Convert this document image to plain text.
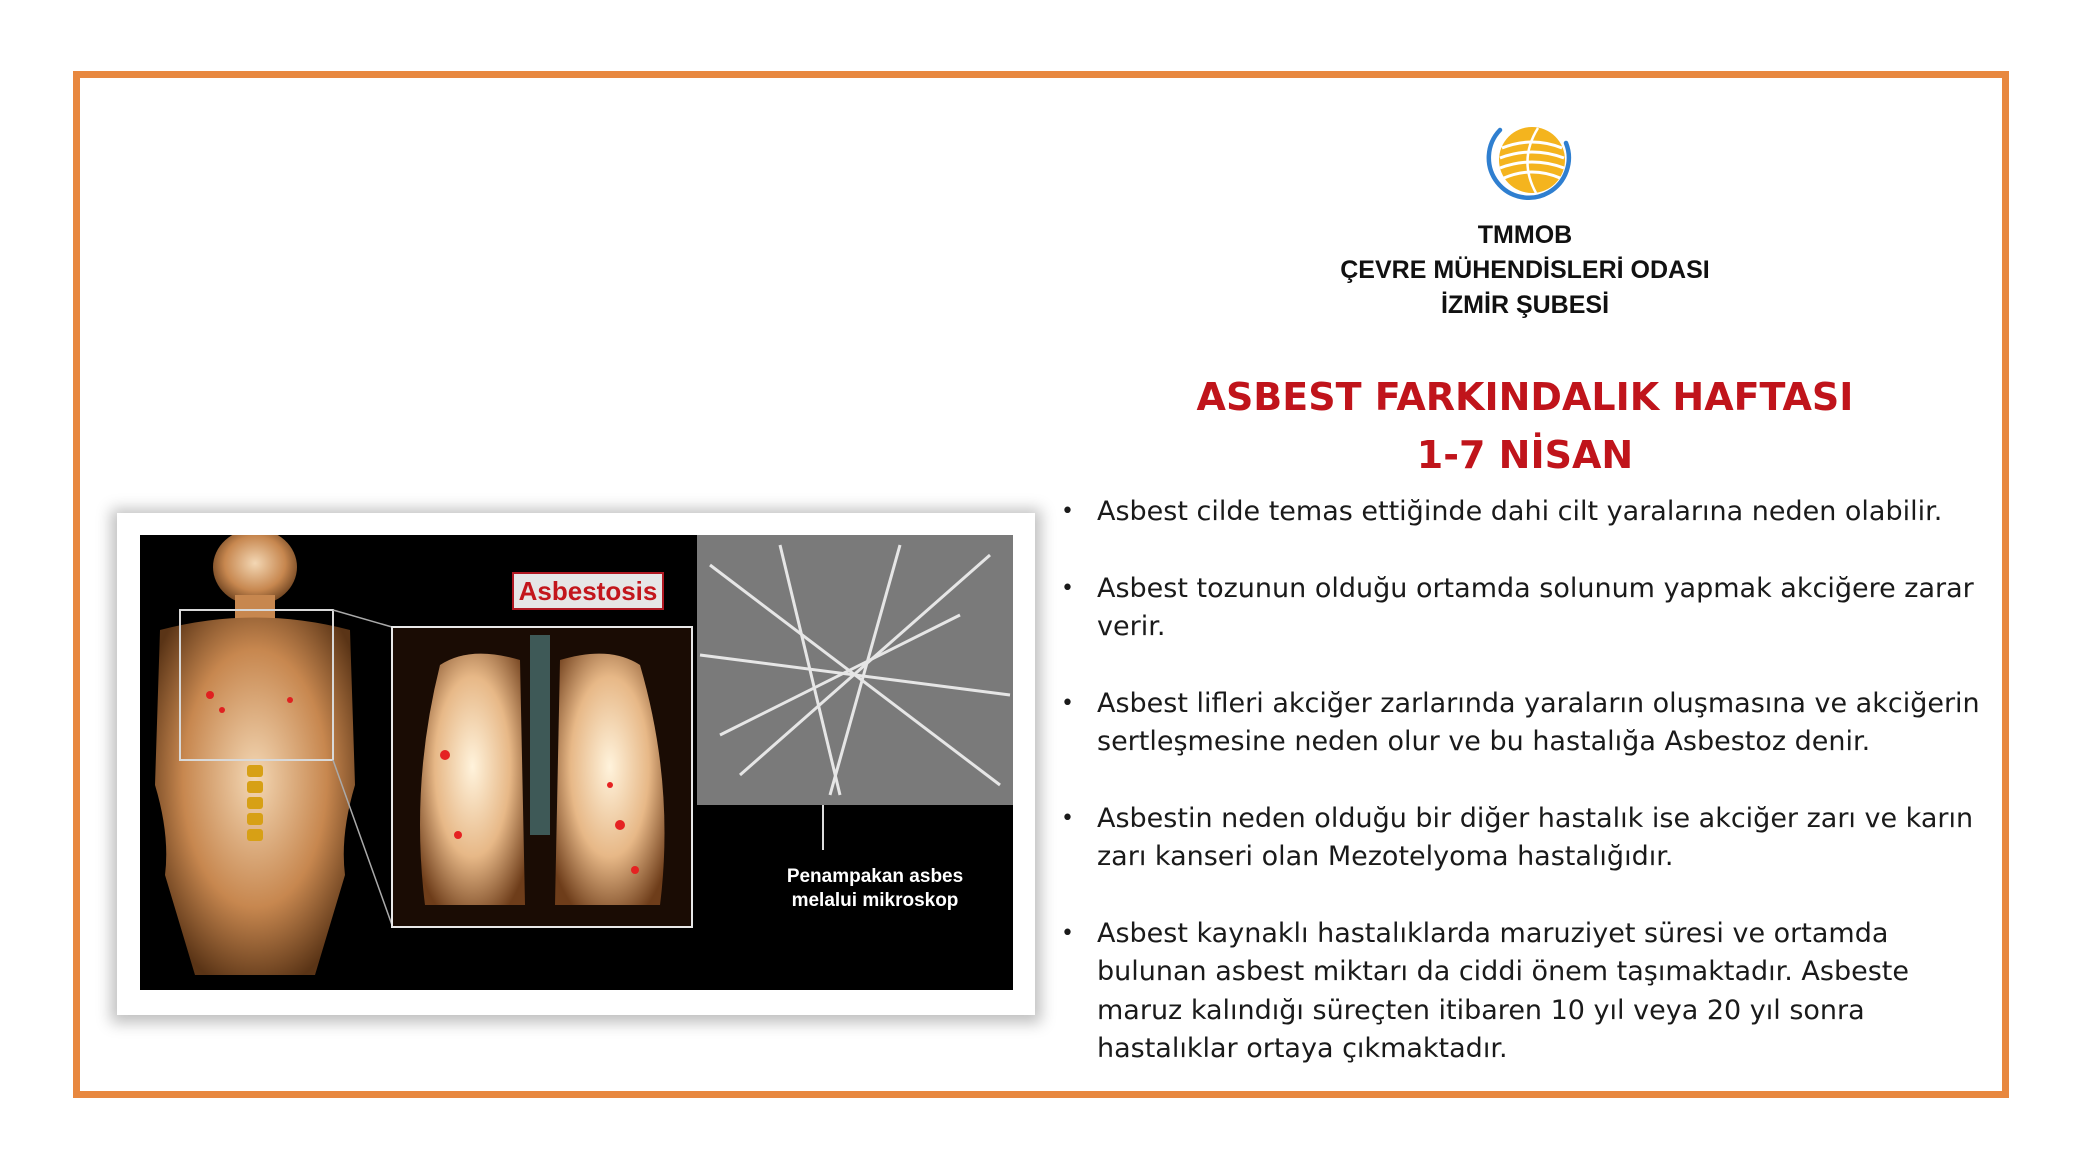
TMMOB
ÇEVRE MÜHENDİSLERİ ODASI
İZMİR ŞUBESİ
ASBEST FARKINDALIK HAFTASI
1-7 NİSAN
• Asbest cilde temas ettiğinde dahi cilt yaralarına neden olabilir.
• Asbest tozunun olduğu ortamda solunum yapmak akciğere zarar verir.
• Asbest lifleri akciğer zarlarında yaraların oluşmasına ve akciğerin sertleşmesine neden olur ve bu hastalığa Asbestoz denir.
• Asbestin neden olduğu bir diğer hastalık ise akciğer zarı ve karın zarı kanseri olan Mezotelyoma hastalığıdır.
• Asbest kaynaklı hastalıklarda maruziyet süresi ve ortamda bulunan asbest miktarı da ciddi önem taşımaktadır. Asbeste maruz kalındığı süreçten itibaren 10 yıl veya 20 yıl sonra hastalıklar ortaya çıkmaktadır.
Asbestosis
Penampakan asbes
melalui mikroskop
